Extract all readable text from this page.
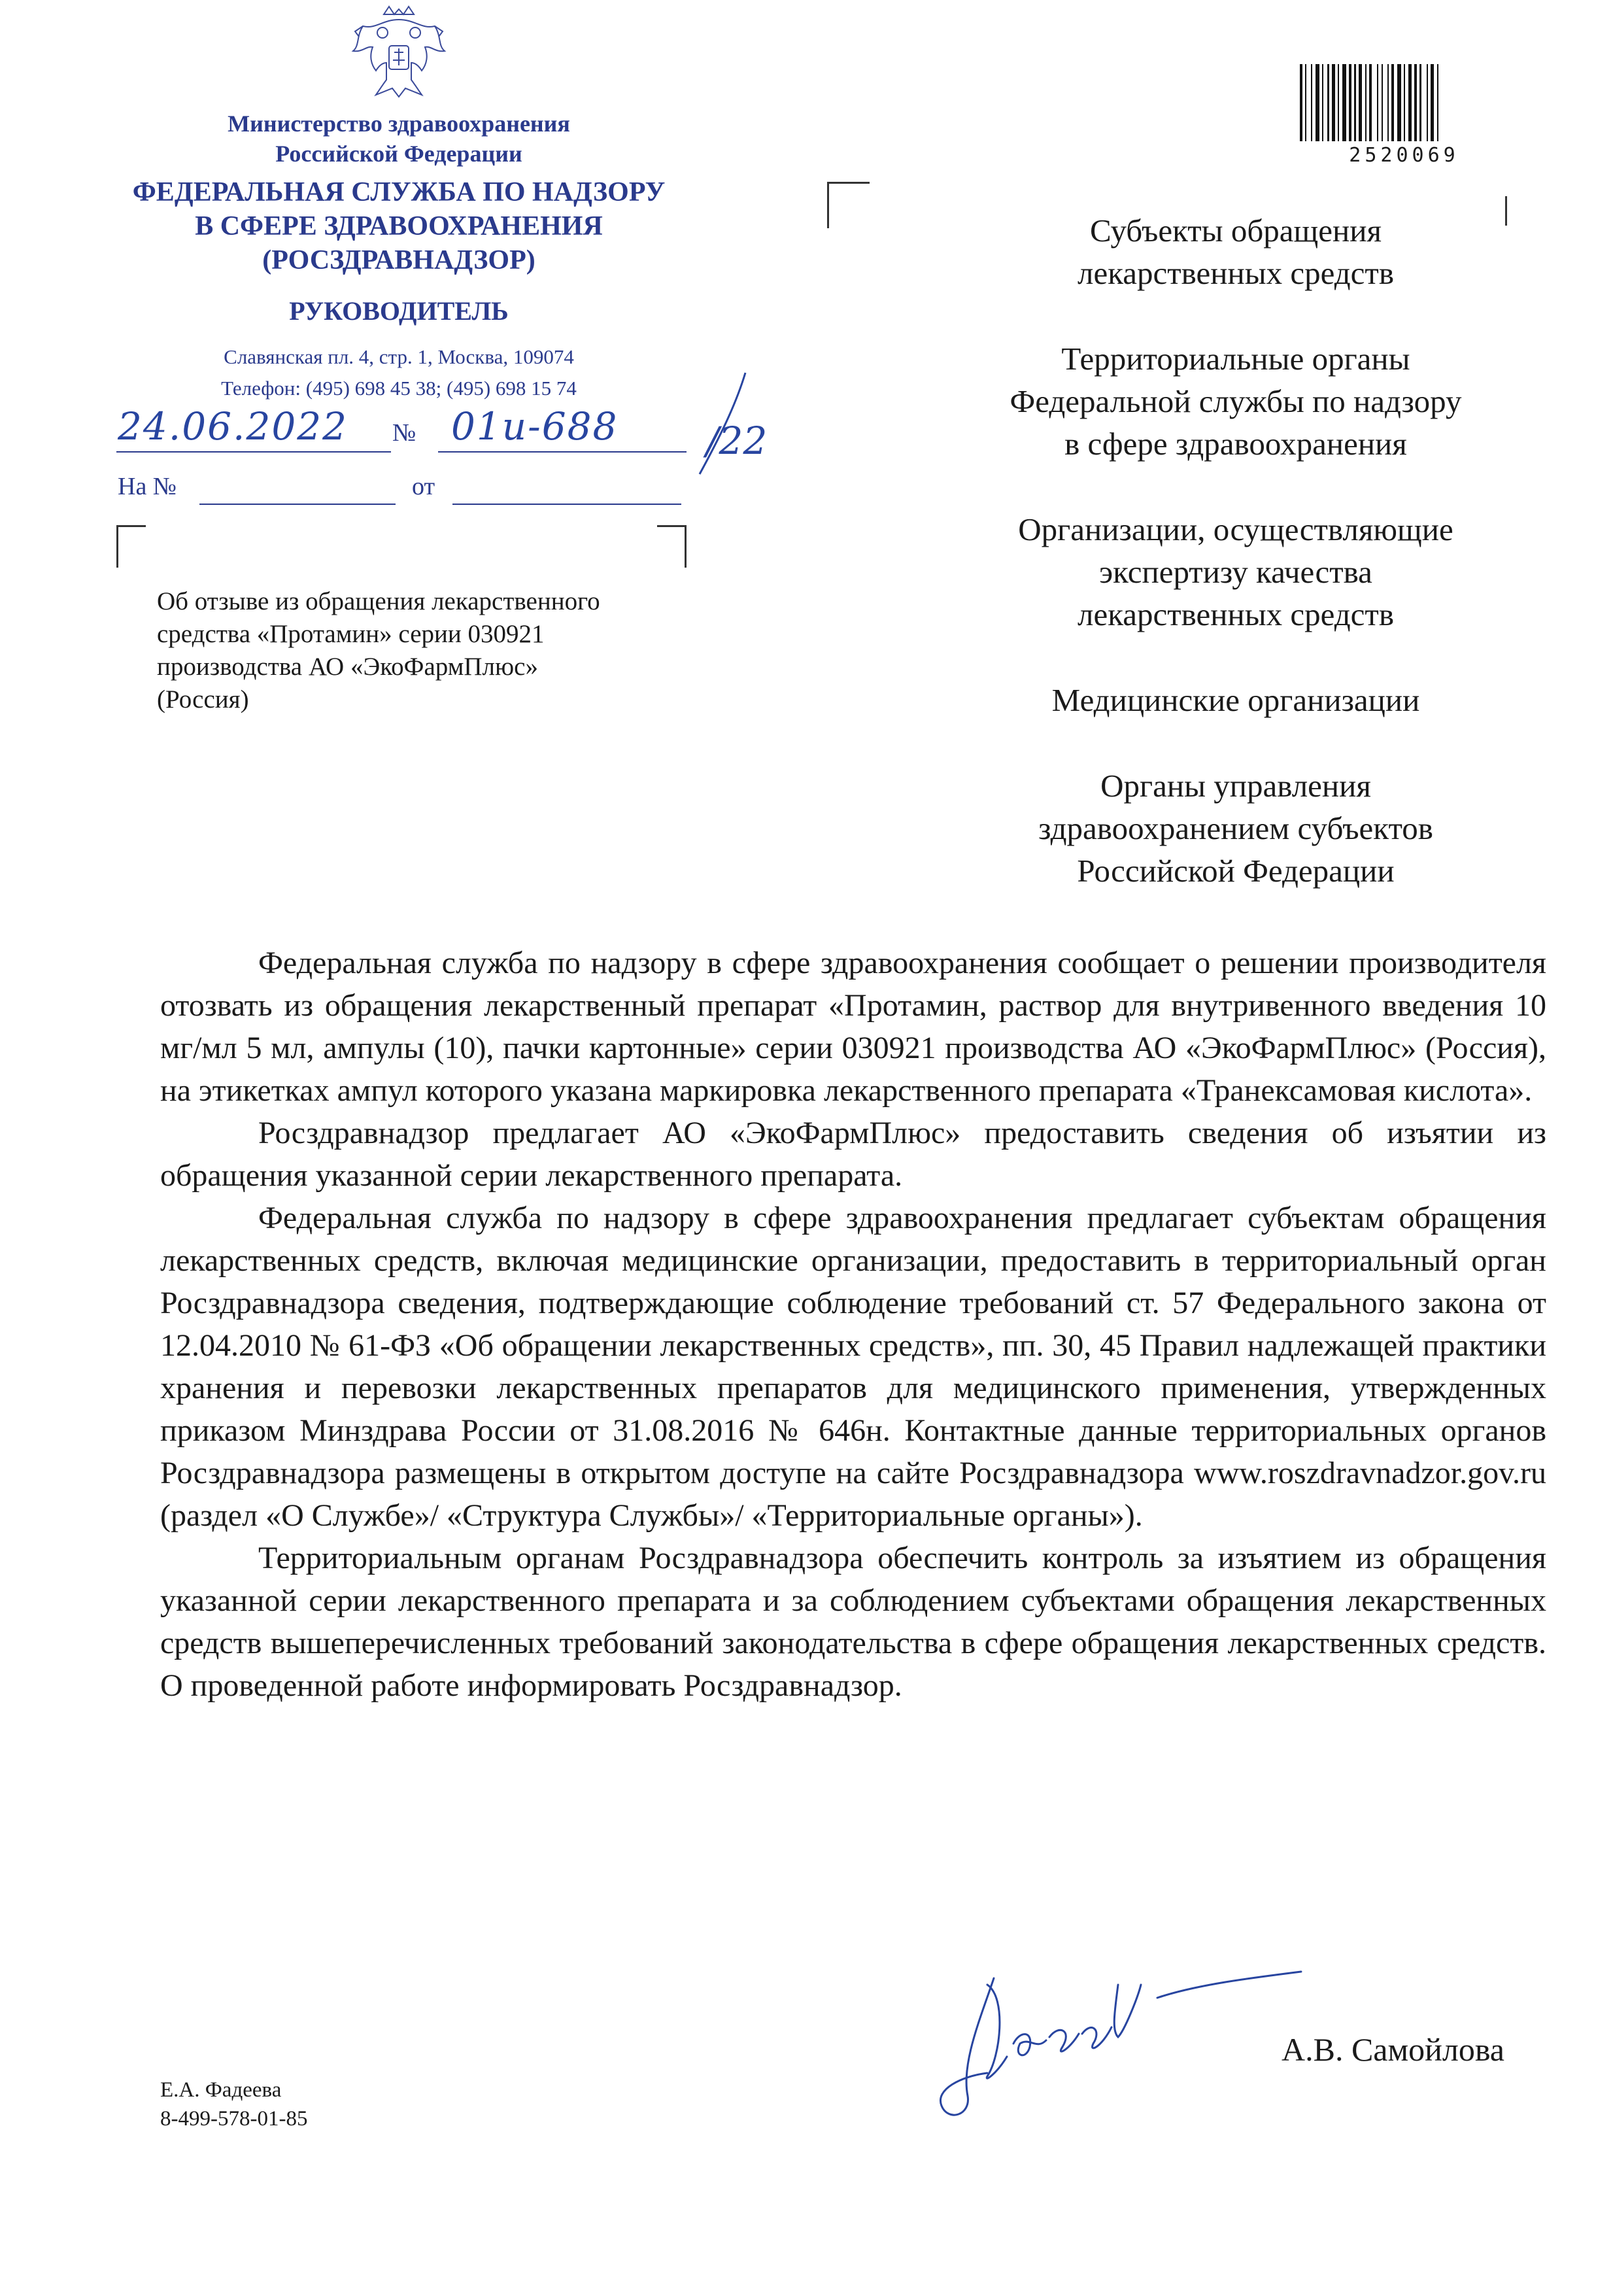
Министерство здравоохранения
Российской Федерации
ФЕДЕРАЛЬНАЯ СЛУЖБА ПО НАДЗОРУ
В СФЕРЕ ЗДРАВООХРАНЕНИЯ
(РОСЗДРАВНАДЗОР)
РУКОВОДИТЕЛЬ
Славянская пл. 4, стр. 1, Москва, 109074
Телефон: (495) 698 45 38; (495) 698 15 74
24.06.2022 № 01и-688 /22
На №	от
Об отзыве из обращения лекарственного
средства «Протамин» серии 030921
производства АО «ЭкоФармПлюс»
(Россия)
2520069
Субъекты обращения
лекарственных средств
Территориальные органы
Федеральной службы по надзору
в сфере здравоохранения
Организации, осуществляющие
экспертизу качества
лекарственных средств
Медицинские организации
Органы управления
здравоохранением субъектов
Российской Федерации

Федеральная служба по надзору в сфере здравоохранения сообщает о решении производителя отозвать из обращения лекарственный препарат «Протамин, раствор для внутривенного введения 10 мг/мл 5 мл, ампулы (10), пачки картонные» серии 030921 производства АО «ЭкоФармПлюс» (Россия), на этикетках ампул которого указана маркировка лекарственного препарата «Транексамовая кислота».

Росздравнадзор предлагает АО «ЭкоФармПлюс» предоставить сведения об изъятии из обращения указанной серии лекарственного препарата.

Федеральная служба по надзору в сфере здравоохранения предлагает субъектам обращения лекарственных средств, включая медицинские организации, предоставить в территориальный орган Росздравнадзора сведения, подтверждающие соблюдение требований ст. 57 Федерального закона от 12.04.2010 № 61-ФЗ «Об обращении лекарственных средств», пп. 30, 45 Правил надлежащей практики хранения и перевозки лекарственных препаратов для медицинского применения, утвержденных приказом Минздрава России от 31.08.2016 № 646н. Контактные данные территориальных органов Росздравнадзора размещены в открытом доступе на сайте Росздравнадзора www.roszdravnadzor.gov.ru (раздел «О Службе»/ «Структура Службы»/ «Территориальные органы»).

Территориальным органам Росздравнадзора обеспечить контроль за изъятием из обращения указанной серии лекарственного препарата и за соблюдением субъектами обращения лекарственных средств вышеперечисленных требований законодательства в сфере обращения лекарственных средств. О проведенной работе информировать Росздравнадзор.

А.В. Самойлова
Е.А. Фадеева
8-499-578-01-85
